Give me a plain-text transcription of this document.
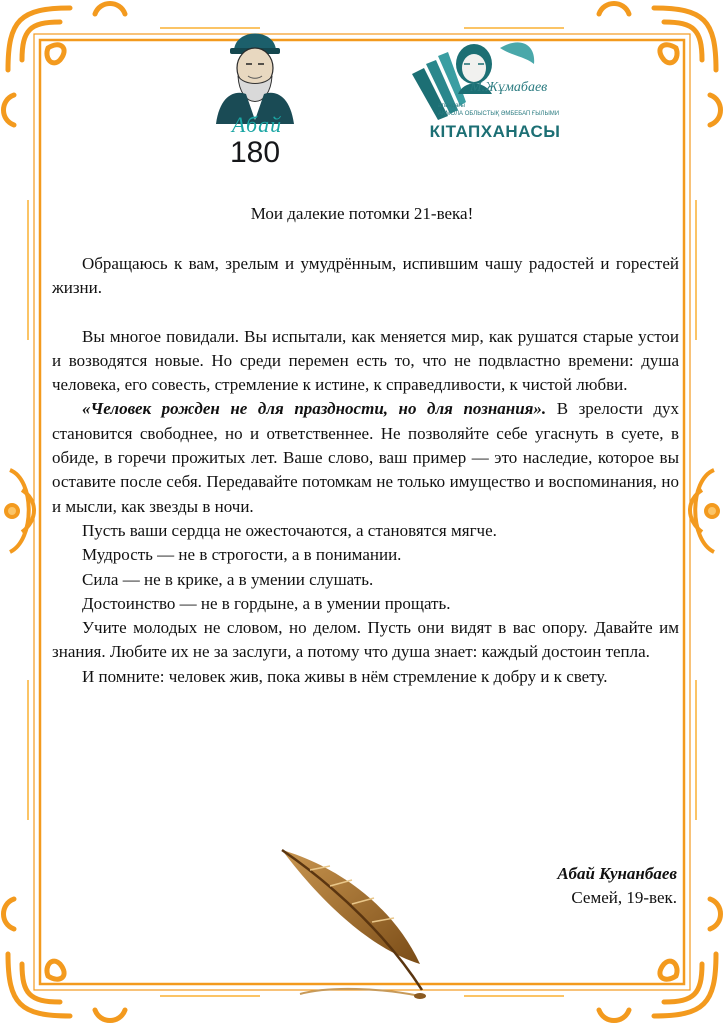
Абай
180
М.Жұмабаев
атындағы
АҚМОЛА ОБЛЫСТЫҚ ӘМБЕБАП ҒЫЛЫМИ
КІТАПХАНАСЫ
Мои далекие потомки 21-века!

Обращаюсь к вам, зрелым и умудрённым, испившим чашу радостей и горестей жизни.

Вы многое повидали. Вы испытали, как меняется мир, как рушатся старые устои и возводятся новые. Но среди перемен есть то, что не подвластно времени: душа человека, его совесть, стремление к истине, к справедливости, к чистой любви.

«Человек рожден не для праздности, но для познания». В зрелости дух становится свободнее, но и ответственнее. Не позволяйте себе угаснуть в суете, в обиде, в горечи прожитых лет. Ваше слово, ваш пример — это наследие, которое вы оставите после себя. Передавайте потомкам не только имущество и воспоминания, но и мысли, как звезды в ночи.

Пусть ваши сердца не ожесточаются, а становятся мягче.

Мудрость — не в строгости, а в понимании.

Сила — не в крике, а в умении слушать.

Достоинство — не в гордыне, а в умении прощать.

Учите молодых не словом, но делом. Пусть они видят в вас опору. Давайте им знания. Любите их не за заслуги, а потому что душа знает: каждый достоин тепла.

И помните: человек жив, пока живы в нём стремление к добру и к свету.

Абай Кунанбаев
Семей, 19-век.
